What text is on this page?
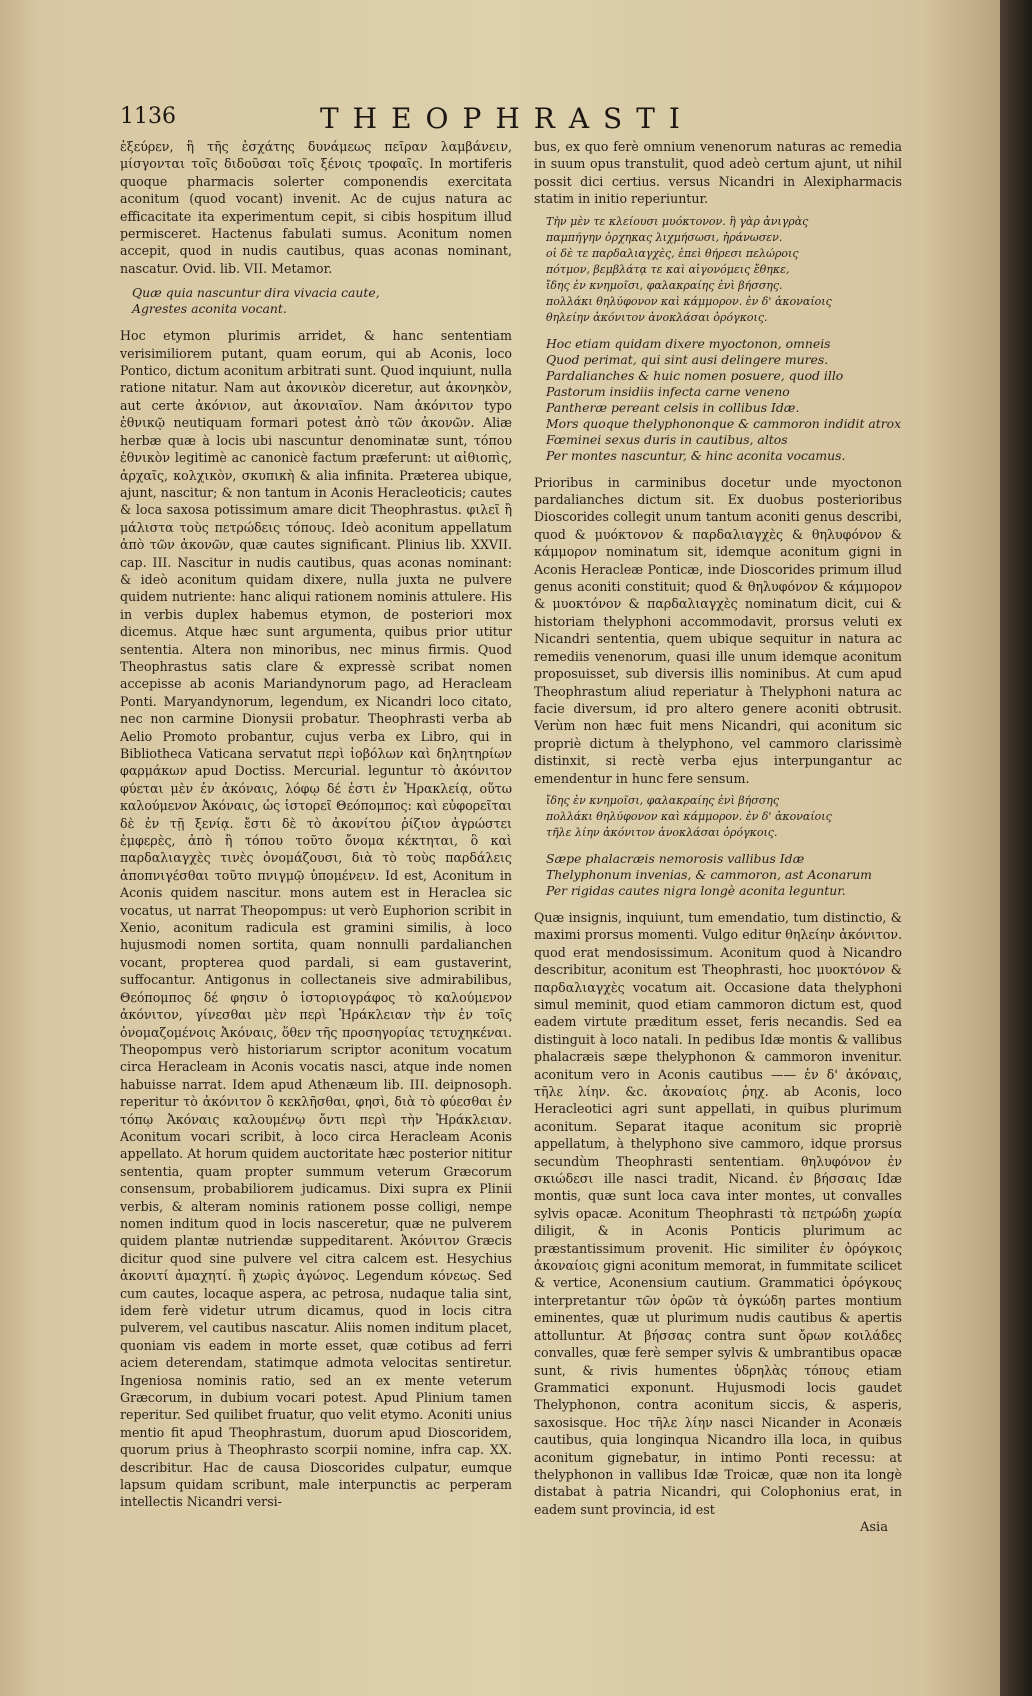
1136	THEOPHRASTI

ἐξεύρεν, ἢ τῆς ἐσχάτης δυνάμεως πεῖραν λαμβάνειν, μίσγονται τοῖς διδοῦσαι τοῖς ξένοις τροφαῖς. In mortiferis quoque pharmacis solerter componendis exercitata aconitum (quod vocant) invenit. Ac de cujus natura ac efficacitate ita experimentum cepit, si cibis hospitum illud permisceret. Hactenus fabulati sumus. Aconitum nomen accepit, quod in nudis cautibus, quas aconas nominant, nascatur. Ovid. lib. VII. Metamor.

Quæ quia nascuntur dira vivacia caute,
Agrestes aconita vocant.

Hoc etymon plurimis arridet, & hanc sententiam verisimiliorem putant, quam eorum, qui ab Aconis, loco Pontico, dictum aconitum arbitrati sunt. Quod inquiunt, nulla ratione nitatur. Nam aut ἀκονικὸν diceretur, aut ἀκονηκὸν, aut certe ἀκόνιον, aut ἀκονιαῖον. Nam ἀκόνιτον typo ἐθνικῷ neutiquam formari potest ἀπὸ τῶν ἀκονῶν. Aliæ herbæ quæ à locis ubi nascuntur denominatæ sunt, τόπου ἐθνικὸν legitimè ac canonicè factum præferunt: ut αἰθιοπὶς, ἀρχαῖς, κολχικὸν, σκυπικὴ & alia infinita. Præterea ubique, ajunt, nascitur; & non tantum in Aconis Heracleoticis; cautes & loca saxosa potissimum amare dicit Theophrastus. φιλεῖ ἢ μάλιστα τοὺς πετρώδεις τόπους. Ideò aconitum appellatum ἀπὸ τῶν ἀκονῶν, quæ cautes significant. Plinius lib. XXVII. cap. III. Nascitur in nudis cautibus, quas aconas nominant: & ideò aconitum quidam dixere, nulla juxta ne pulvere quidem nutriente: hanc aliqui rationem nominis attulere. His in verbis duplex habemus etymon, de posteriori mox dicemus. Atque hæc sunt argumenta, quibus prior utitur sententia. Altera non minoribus, nec minus firmis. Quod Theophrastus satis clare & expressè scribat nomen accepisse ab aconis Mariandynorum pago, ad Heracleam Ponti. Maryandynorum, legendum, ex Nicandri loco citato, nec non carmine Dionysii probatur. Theophrasti verba ab Aelio Promoto probantur, cujus verba ex Libro, qui in Bibliotheca Vaticana servatut περὶ ἰοβόλων καὶ δηλητηρίων φαρμάκων apud Doctiss. Mercurial. leguntur τὸ ἀκόνιτον φύεται μὲν ἐν ἀκόναις, λόφῳ δέ ἐστι ἐν Ἡρακλείᾳ, οὕτω καλούμενον Ἀκόναις, ὡς ἱστορεῖ Θεόπομπος: καὶ εὐφορεῖται δὲ ἐν τῇ ξενίᾳ. ἔστι δὲ τὸ ἀκονίτου ῥίζιον ἀγρώστει ἐμφερὲς, ἀπὸ ἢ τόπου τοῦτο ὄνομα κέκτηται, ὃ καὶ παρδαλιαγχὲς τινὲς ὀνομάζουσι, διὰ τὸ τοὺς παρδάλεις ἀποπνιγέσθαι τοῦτο πνιγμῷ ὑπομένειν. Id est, Aconitum in Aconis quidem nascitur. mons autem est in Heraclea sic vocatus, ut narrat Theopompus: ut verò Euphorion scribit in Xenio, aconitum radicula est gramini similis, à loco hujusmodi nomen sortita, quam nonnulli pardalianchen vocant, propterea quod pardali, si eam gustaverint, suffocantur. Antigonus in collectaneis sive admirabilibus, Θεόπομπος δέ φησιν ὁ ἱστοριογράφος τὸ καλούμενον ἀκόνιτον, γίνεσθαι μὲν περὶ Ἡράκλειαν τὴν ἐν τοῖς ὀνομαζομένοις Ἀκόναις, ὅθεν τῆς προσηγορίας τετυχηκέναι. Theopompus verò historiarum scriptor aconitum vocatum circa Heracleam in Aconis vocatis nasci, atque inde nomen habuisse narrat. Idem apud Athenæum lib. III. deipnosoph. reperitur τὸ ἀκόνιτον ὃ κεκλῆσθαι, φησὶ, διὰ τὸ φύεσθαι ἐν τόπῳ Ἀκόναις καλουμένῳ ὄντι περὶ τὴν Ἡράκλειαν. Aconitum vocari scribit, à loco circa Heracleam Aconis appellato. At horum quidem auctoritate hæc posterior nititur sententia, quam propter summum veterum Græcorum consensum, probabiliorem judicamus. Dixi supra ex Plinii verbis, & alteram nominis rationem posse colligi, nempe nomen inditum quod in locis nasceretur, quæ ne pulverem quidem plantæ nutriendæ suppeditarent. Ἀκόνιτον Græcis dicitur quod sine pulvere vel citra calcem est. Hesychius ἀκονιτί ἀμαχητί. ἢ χωρὶς ἀγώνος. Legendum κόνεως. Sed cum cautes, locaque aspera, ac petrosa, nudaque talia sint, idem ferè videtur utrum dicamus, quod in locis citra pulverem, vel cautibus nascatur. Aliis nomen inditum placet, quoniam vis eadem in morte esset, quæ cotibus ad ferri aciem deterendam, statimque admota velocitas sentiretur. Ingeniosa nominis ratio, sed an ex mente veterum Græcorum, in dubium vocari potest. Apud Plinium tamen reperitur. Sed quilibet fruatur, quo velit etymo. Aconiti unius mentio fit apud Theophrastum, duorum apud Dioscoridem, quorum prius à Theophrasto scorpii nomine, infra cap. XX. describitur. Hac de causa Dioscorides culpatur, eumque lapsum quidam scribunt, male interpunctis ac perperam intellectis Nicandri versi-

bus, ex quo ferè omnium venenorum naturas ac remedia in suum opus transtulit, quod adeò certum ajunt, ut nihil possit dici certius. versus Nicandri in Alexipharmacis statim in initio reperiuntur.

Τὴν μὲν τε κλείουσι μυόκτονον. ἣ γὰρ ἀνιγρὰς
παμπήγην ὀρχηκας λιχμήσωσι, ἠράνωσεν.
οἱ δὲ τε παρδαλιαγχὲς, ἐπεὶ θήρεσι πελώροις
πότμον, βεμβλάτᾳ τε καὶ αἰγονόμεις ἔθηκε,
ἴδης ἐν κνημοῖσι, φαλακραίης ἐνὶ βήσσης.
πολλάκι θηλύφονον καὶ κάμμορον. ἐν δ' ἀκοναίοις
θηλείην ἀκόνιτον ἀνοκλάσαι ὀρόγκοις.

Hoc etiam quidam dixere myoctonon, omneis
Quod perimat, qui sint ausi delingere mures.
Pardalianches & huic nomen posuere, quod illo
Pastorum insidiis infecta carne veneno
Pantheræ pereant celsis in collibus Idæ.
Mors quoque thelyphononque & cammoron indidit atrox
Fœminei sexus duris in cautibus, altos
Per montes nascuntur, & hinc aconita vocamus.

Prioribus in carminibus docetur unde myoctonon pardalianches dictum sit. Ex duobus posterioribus Dioscorides collegit unum tantum aconiti genus describi, quod & μυόκτονον & παρδαλιαγχὲς & θηλυφόνον & κάμμορον nominatum sit, idemque aconitum gigni in Aconis Heracleæ Ponticæ, inde Dioscorides primum illud genus aconiti constituit; quod & θηλυφόνον & κάμμορον & μυοκτόνον & παρδαλιαγχὲς nominatum dicit, cui & historiam thelyphoni accommodavit, prorsus veluti ex Nicandri sententia, quem ubique sequitur in natura ac remediis venenorum, quasi ille unum idemque aconitum proposuisset, sub diversis illis nominibus. At cum apud Theophrastum aliud reperiatur à Thelyphoni natura ac facie diversum, id pro altero genere aconiti obtrusit. Verùm non hæc fuit mens Nicandri, qui aconitum sic propriè dictum à thelyphono, vel cammoro clarissimè distinxit, si rectè verba ejus interpungantur ac emendentur in hunc fere sensum.

ἴδης ἐν κνημοῖσι, φαλακραίης ἐνὶ βήσσης
πολλάκι θηλύφονον καὶ κάμμορον. ἐν δ' ἀκοναίοις
τῆλε λίην ἀκόνιτον ἀνοκλάσαι ὀρόγκοις.

Sæpe phalacræis nemorosis vallibus Idæ
Thelyphonum invenias, & cammoron, ast Aconarum
Per rigidas cautes nigra longè aconita leguntur.

Quæ insignis, inquiunt, tum emendatio, tum distinctio, & maximi prorsus momenti. Vulgo editur θηλείην ἀκόνιτον. quod erat mendosissimum. Aconitum quod à Nicandro describitur, aconitum est Theophrasti, hoc μυοκτόνον & παρδαλιαγχὲς vocatum ait. Occasione data thelyphoni simul meminit, quod etiam cammoron dictum est, quod eadem virtute præditum esset, feris necandis. Sed ea distinguit à loco natali. In pedibus Idæ montis & vallibus phalacræis sæpe thelyphonon & cammoron invenitur. aconitum vero in Aconis cautibus —— ἐν δ' ἀκόναις, τῆλε λίην. &c. ἀκοναίοις ῥηχ. ab Aconis, loco Heracleotici agri sunt appellati, in quibus plurimum aconitum. Separat itaque aconitum sic propriè appellatum, à thelyphono sive cammoro, idque prorsus secundùm Theophrasti sententiam. θηλυφόνον ἐν σκιώδεσι ille nasci tradit, Nicand. ἐν βήσσαις Idæ montis, quæ sunt loca cava inter montes, ut convalles sylvis opacæ. Aconitum Theophrasti τὰ πετρώδη χωρία diligit, & in Aconis Ponticis plurimum ac præstantissimum provenit. Hic similiter ἐν ὀρόγκοις ἀκοναίοις gigni aconitum memorat, in fummitate scilicet & vertice, Aconensium cautium. Grammatici ὀρόγκους interpretantur τῶν ὀρῶν τὰ ὀγκώδη partes montium eminentes, quæ ut plurimum nudis cautibus & apertis attolluntur. At βήσσας contra sunt ὄρων κοιλάδες convalles, quæ ferè semper sylvis & umbrantibus opacæ sunt, & rivis humentes ὑδρηλὰς τόπους etiam Grammatici exponunt. Hujusmodi locis gaudet Thelyphonon, contra aconitum siccis, & asperis, saxosisque. Hoc τῆλε λίην nasci Nicander in Aconæis cautibus, quia longinqua Nicandro illa loca, in quibus aconitum gignebatur, in intimo Ponti recessu: at thelyphonon in vallibus Idæ Troicæ, quæ non ita longè distabat à patria Nicandri, qui Colophonius erat, in eadem sunt provincia, id est

Asia
